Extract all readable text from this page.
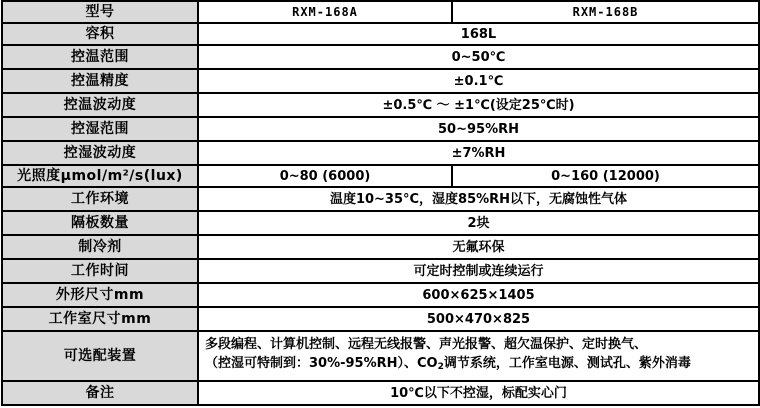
型号	RXM-168A	RXM-168B
容积	168L	
控温范围	0~50℃	
控温精度	±0.1℃	
控温波动度	±0.5℃ ～ ±1℃(设定25℃时)	
控湿范围	50~95%RH	
控湿波动度	±7%RH	
光照度μmol/m²/s(lux)	0~80 (6000)	0~160 (12000)
工作环境	温度10~35°C，湿度85%RH以下，无腐蚀性气体	
隔板数量	2块	
制冷剂	无氟环保	
工作时间	可定时控制或连续运行	
外形尺寸mm	600×625×1405	
工作室尺寸mm	500×470×825	
可选配装置	多段编程、计算机控制、远程无线报警、声光报警、超欠温保护、定时换气、
（控湿可特制到：30%-95%RH）、$CO_2$调节系统，工作室电源、测试孔、紫外消毒	

备注	10℃以下不控湿，标配实心门	
